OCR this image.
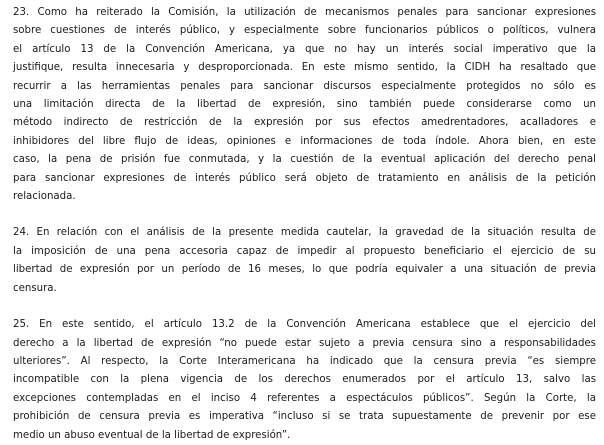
23. Como ha reiterado la Comisión, la utilización de mecanismos penales para sancionar expresiones
sobre cuestiones de interés público, y especialmente sobre funcionarios públicos o políticos, vulnera
el artículo 13 de la Convención Americana, ya que no hay un interés social imperativo que la
justifique, resulta innecesaria y desproporcionada. En este mismo sentido, la CIDH ha resaltado que
recurrir a las herramientas penales para sancionar discursos especialmente protegidos no sólo es
una limitación directa de la libertad de expresión, sino también puede considerarse como un
método indirecto de restricción de la expresión por sus efectos amedrentadores, acalladores e
inhibidores del libre flujo de ideas, opiniones e informaciones de toda índole. Ahora bien, en este
caso, la pena de prisión fue conmutada, y la cuestión de la eventual aplicación del derecho penal
para sancionar expresiones de interés público será objeto de tratamiento en análisis de la petición
relacionada.
24. En relación con el análisis de la presente medida cautelar, la gravedad de la situación resulta de
la imposición de una pena accesoria capaz de impedir al propuesto beneficiario el ejercicio de su
libertad de expresión por un período de 16 meses, lo que podría equivaler a una situación de previa
censura.
25. En este sentido, el artículo 13.2 de la Convención Americana establece que el ejercicio del
derecho a la libertad de expresión “no puede estar sujeto a previa censura sino a responsabilidades
ulteriores”. Al respecto, la Corte Interamericana ha indicado que la censura previa “es siempre
incompatible con la plena vigencia de los derechos enumerados por el artículo 13, salvo las
excepciones contempladas en el inciso 4 referentes a espectáculos públicos”. Según la Corte, la
prohibición de censura previa es imperativa “incluso si se trata supuestamente de prevenir por ese
medio un abuso eventual de la libertad de expresión”.
